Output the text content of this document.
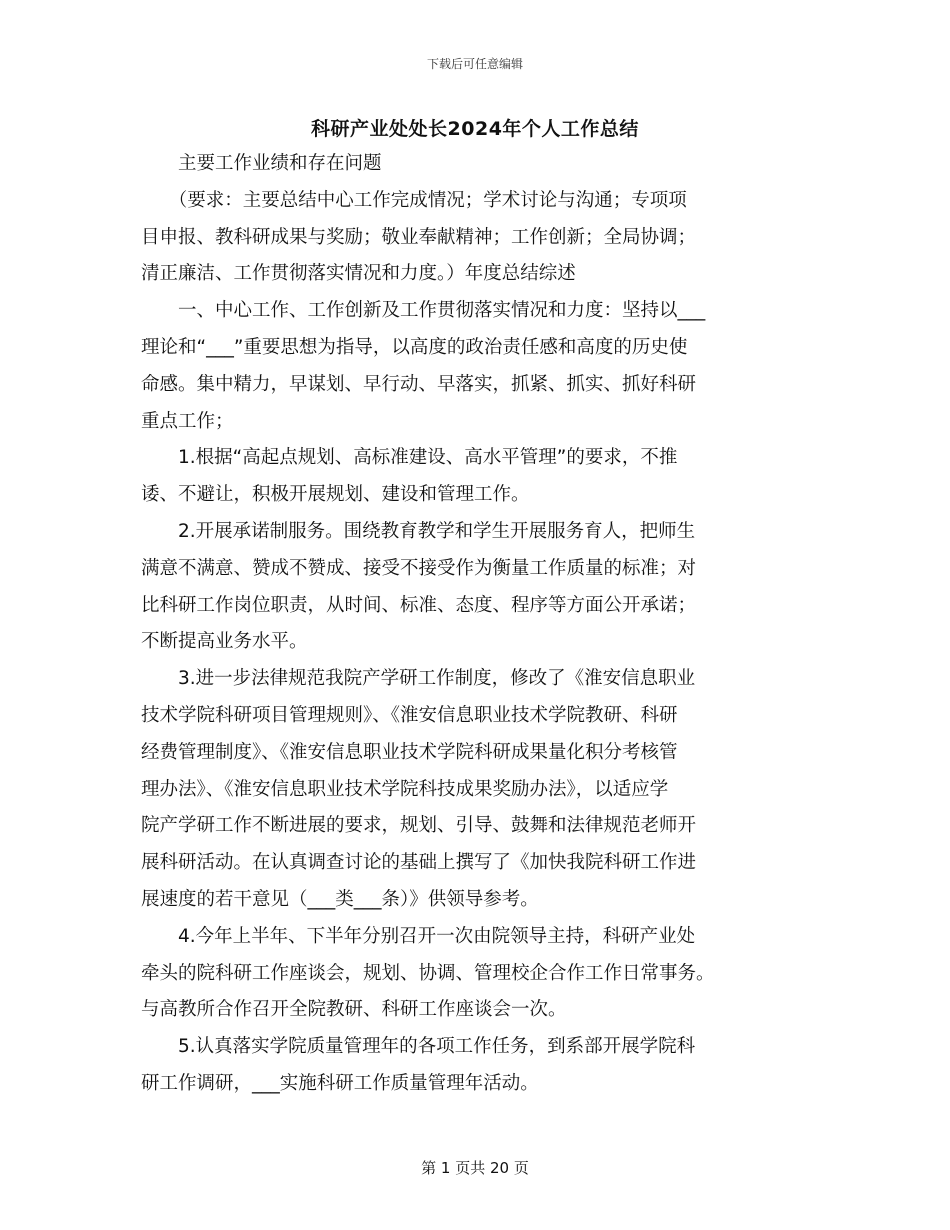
下载后可任意编辑
科研产业处处长2024年个人工作总结
　　主要工作业绩和存在问题
　　（要求：主要总结中心工作完成情况；学术讨论与沟通；专项项
目申报、教科研成果与奖励；敬业奉献精神；工作创新；全局协调；
清正廉洁、工作贯彻落实情况和力度。）年度总结综述
　　一、中心工作、工作创新及工作贯彻落实情况和力度：坚持以___
理论和“___”重要思想为指导，以高度的政治责任感和高度的历史使
命感。集中精力，早谋划、早行动、早落实，抓紧、抓实、抓好科研
重点工作；
　　1.根据“高起点规划、高标准建设、高水平管理”的要求，不推
诿、不避让，积极开展规划、建设和管理工作。
　　2.开展承诺制服务。围绕教育教学和学生开展服务育人，把师生
满意不满意、赞成不赞成、接受不接受作为衡量工作质量的标准；对
比科研工作岗位职责，从时间、标准、态度、程序等方面公开承诺；
不断提高业务水平。
　　3.进一步法律规范我院产学研工作制度，修改了《淮安信息职业
技术学院科研项目管理规则》、《淮安信息职业技术学院教研、科研
经费管理制度》、《淮安信息职业技术学院科研成果量化积分考核管
理办法》、《淮安信息职业技术学院科技成果奖励办法》，以适应学
院产学研工作不断进展的要求，规划、引导、鼓舞和法律规范老师开
展科研活动。在认真调查讨论的基础上撰写了《加快我院科研工作进
展速度的若干意见（___类___条）》供领导参考。
　　4.今年上半年、下半年分别召开一次由院领导主持，科研产业处
牵头的院科研工作座谈会，规划、协调、管理校企合作工作日常事务。
与高教所合作召开全院教研、科研工作座谈会一次。
　　5.认真落实学院质量管理年的各项工作任务，到系部开展学院科
研工作调研，___实施科研工作质量管理年活动。
第 1 页共 20 页
